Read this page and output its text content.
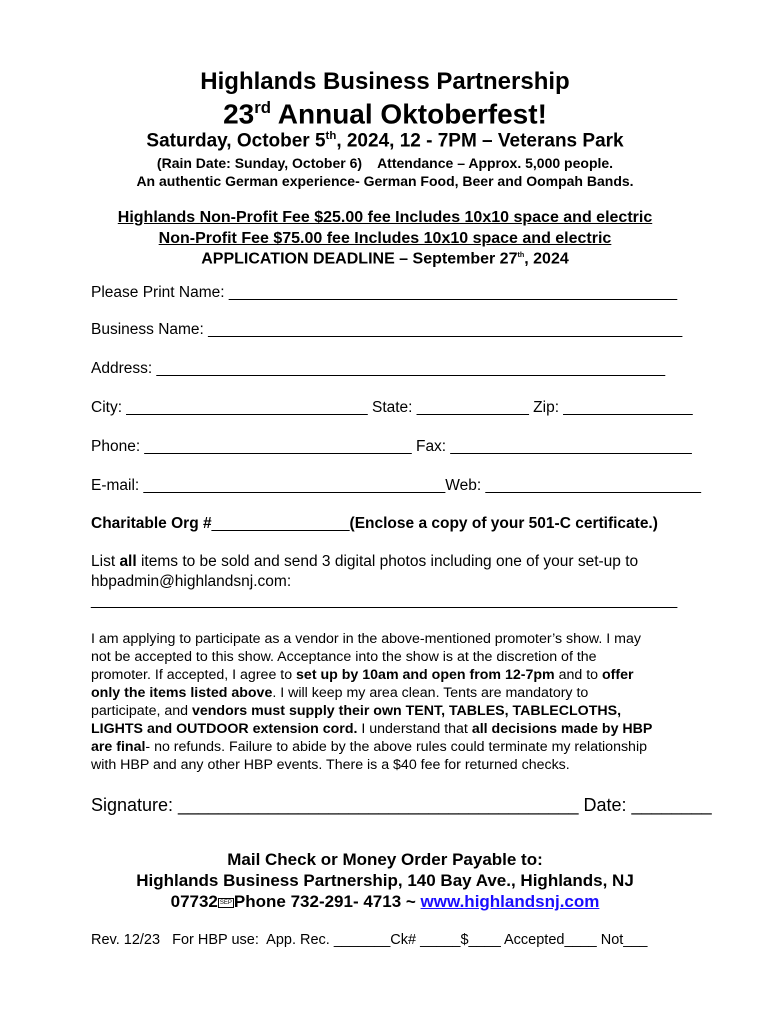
Highlands Business Partnership
23rd Annual Oktoberfest!
Saturday, October 5th, 2024, 12 - 7PM – Veterans Park
(Rain Date: Sunday, October 6)    Attendance – Approx. 5,000 people.
An authentic German experience- German Food, Beer and Oompah Bands.
Highlands Non-Profit Fee $25.00 fee Includes 10x10 space and electric
Non-Profit Fee $75.00 fee Includes 10x10 space and electric
APPLICATION DEADLINE – September 27th, 2024
Please Print Name: ____________________________________________________
Business Name: _______________________________________________________
Address: ___________________________________________________________
City: ____________________________ State: _____________ Zip: _______________
Phone: _______________________________ Fax: ____________________________
E-mail: ___________________________________Web: _________________________
Charitable Org #________________(Enclose a copy of your 501-C certificate.)
List all items to be sold and send 3 digital photos including one of your set-up to
hbpadmin@highlandsnj.com:
____________________________________________________________________

I am applying to participate as a vendor in the above-mentioned promoter’s show. I may

not be accepted to this show. Acceptance into the show is at the discretion of the

promoter. If accepted, I agree to set up by 10am and open from 12-7pm and to offer

only the items listed above. I will keep my area clean. Tents are mandatory to

participate, and vendors must supply their own TENT, TABLES, TABLECLOTHS,

LIGHTS and OUTDOOR extension cord. I understand that all decisions made by HBP

are final- no refunds. Failure to abide by the above rules could terminate my relationship

with HBP and any other HBP events. There is a $40 fee for returned checks.

Signature: ________________________________________ Date: ________
Mail Check or Money Order Payable to:
Highlands Business Partnership, 140 Bay Ave., Highlands, NJ
07732 SEP Phone 732-291- 4713 ~ www.highlandsnj.com
Rev. 12/23   For HBP use:  App. Rec. _______Ck# _____$____ Accepted____ Not___
